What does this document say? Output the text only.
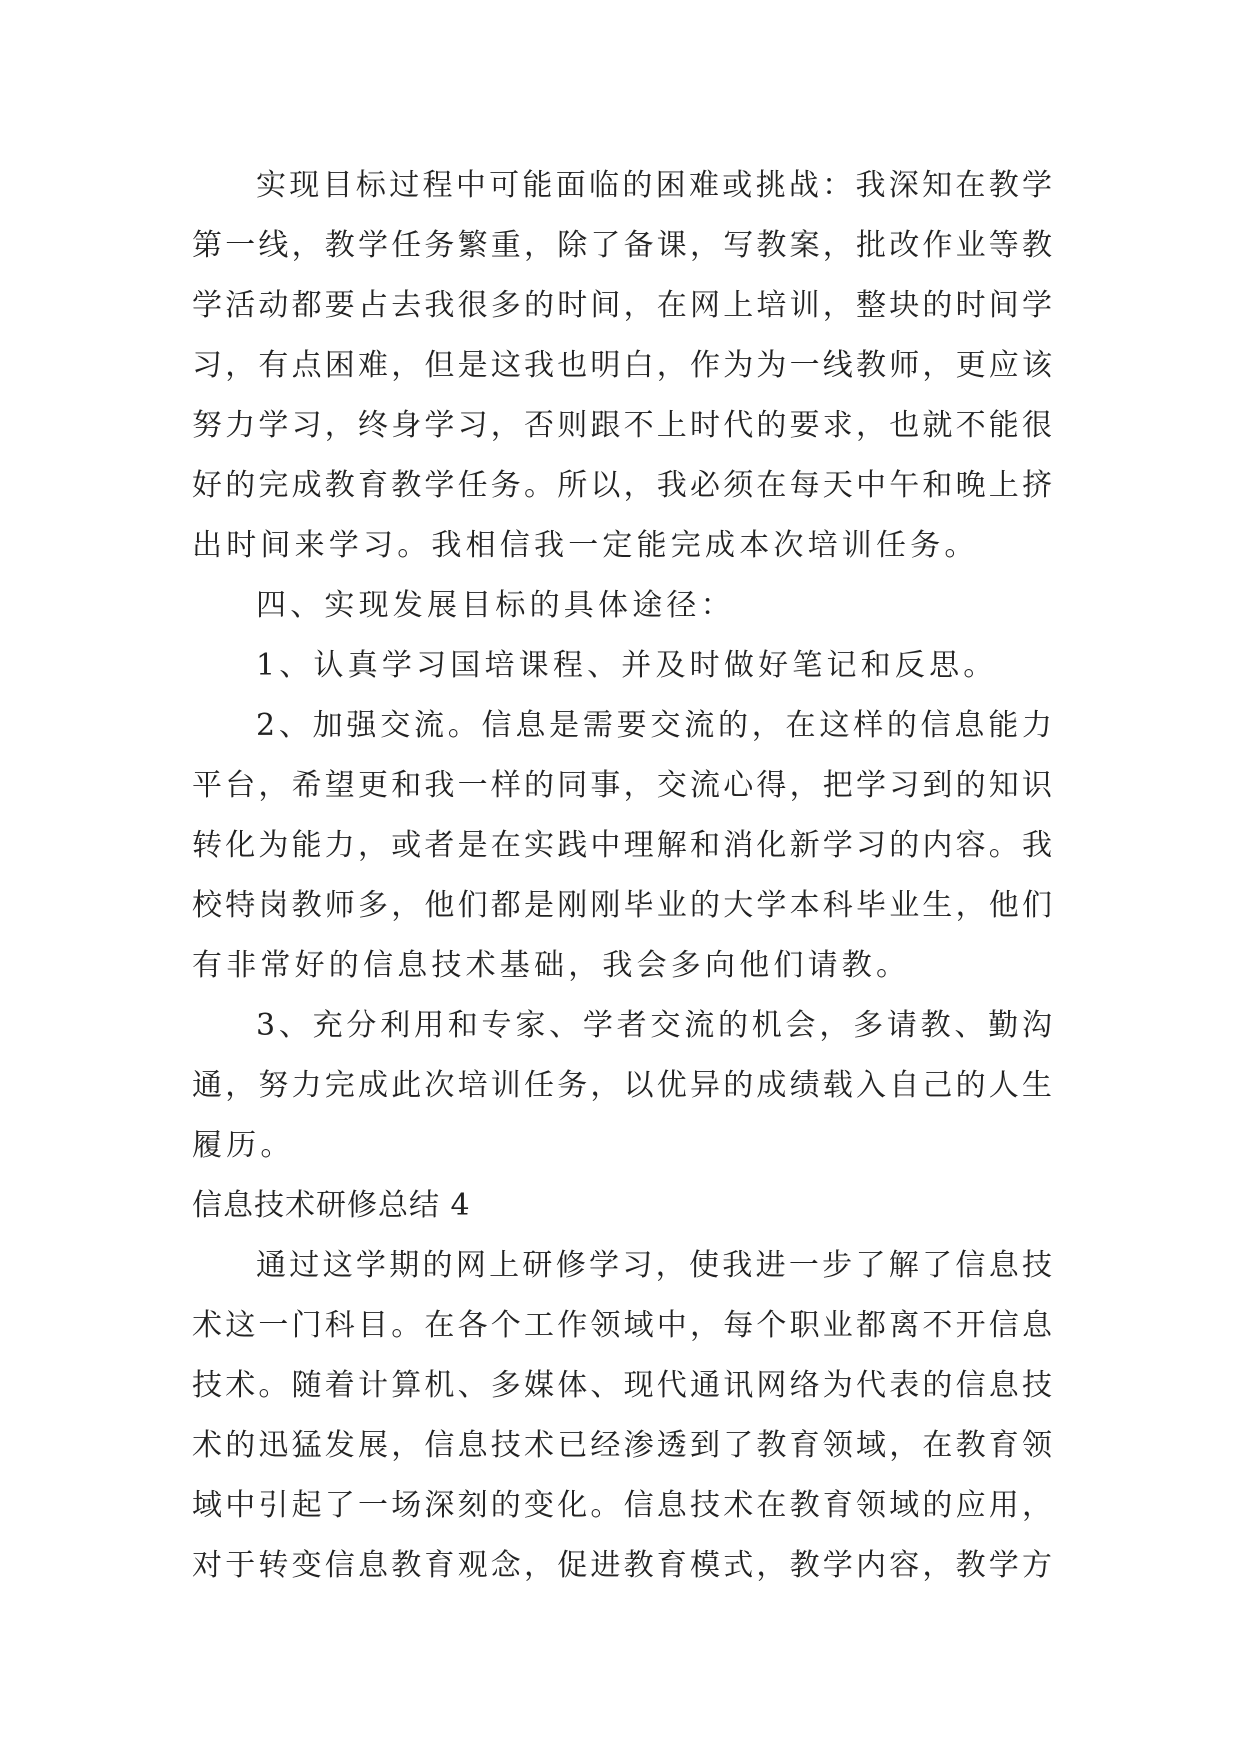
实现目标过程中可能面临的困难或挑战：我深知在教学
第一线，教学任务繁重，除了备课，写教案，批改作业等教
学活动都要占去我很多的时间，在网上培训，整块的时间学
习，有点困难，但是这我也明白，作为为一线教师，更应该
努力学习，终身学习，否则跟不上时代的要求，也就不能很
好的完成教育教学任务。所以，我必须在每天中午和晚上挤
出时间来学习。我相信我一定能完成本次培训任务。
四、实现发展目标的具体途径：
1、认真学习国培课程、并及时做好笔记和反思。
2、加强交流。信息是需要交流的，在这样的信息能力
平台，希望更和我一样的同事，交流心得，把学习到的知识
转化为能力，或者是在实践中理解和消化新学习的内容。我
校特岗教师多，他们都是刚刚毕业的大学本科毕业生，他们
有非常好的信息技术基础，我会多向他们请教。
3、充分利用和专家、学者交流的机会，多请教、勤沟
通，努力完成此次培训任务，以优异的成绩载入自己的人生
履历。
信息技术研修总结 4
通过这学期的网上研修学习，使我进一步了解了信息技
术这一门科目。在各个工作领域中，每个职业都离不开信息
技术。随着计算机、多媒体、现代通讯网络为代表的信息技
术的迅猛发展，信息技术已经渗透到了教育领域，在教育领
域中引起了一场深刻的变化。信息技术在教育领域的应用，
对于转变信息教育观念，促进教育模式，教学内容，教学方
